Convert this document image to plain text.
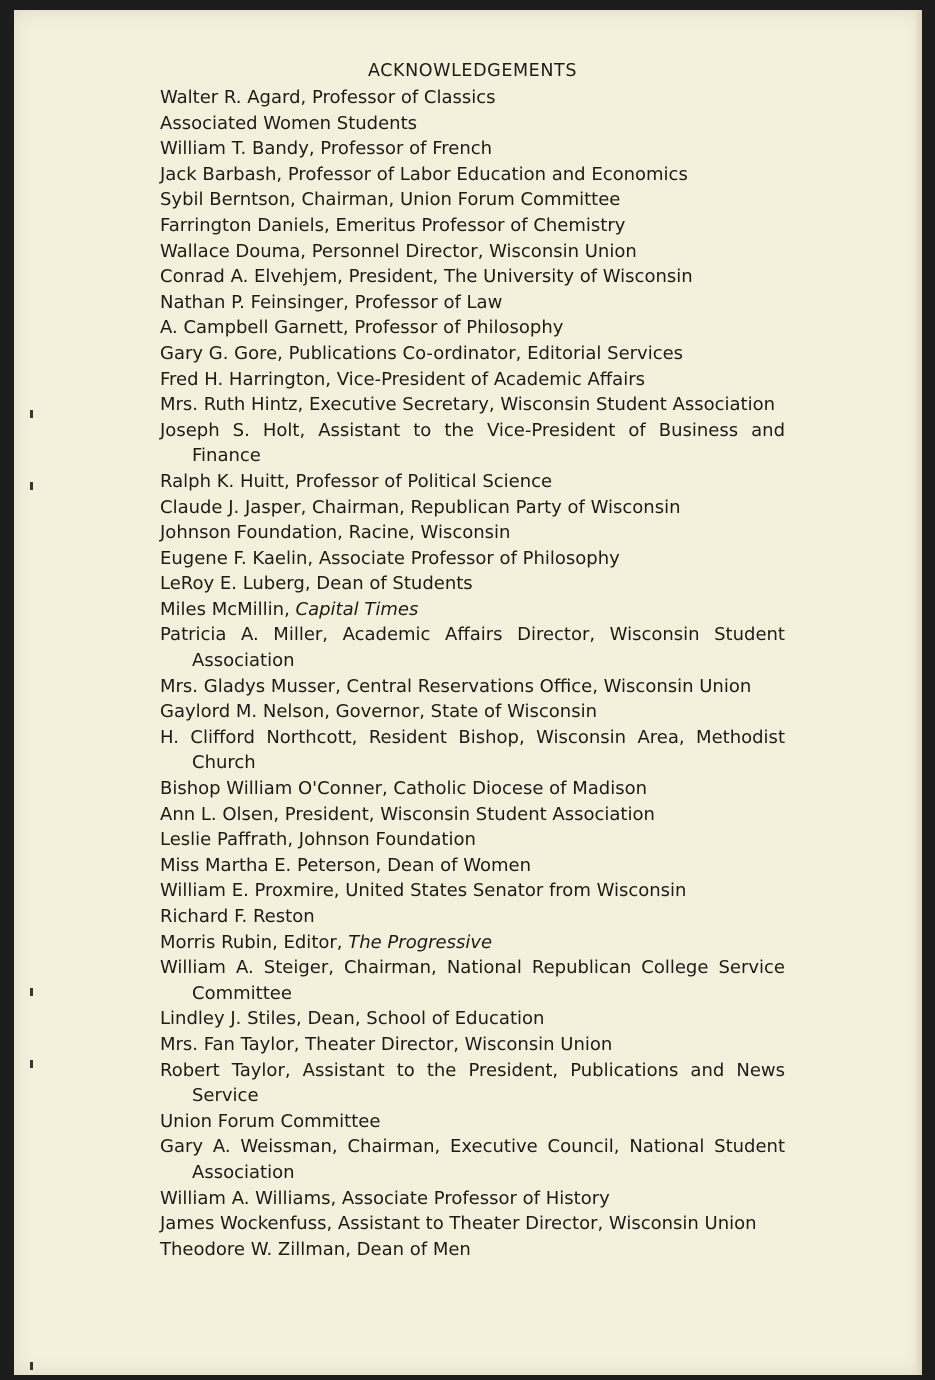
ACKNOWLEDGEMENTS

Walter R. Agard, Professor of Classics

Associated Women Students

William T. Bandy, Professor of French

Jack Barbash, Professor of Labor Education and Economics

Sybil Berntson, Chairman, Union Forum Committee

Farrington Daniels, Emeritus Professor of Chemistry

Wallace Douma, Personnel Director, Wisconsin Union

Conrad A. Elvehjem, President, The University of Wisconsin

Nathan P. Feinsinger, Professor of Law

A. Campbell Garnett, Professor of Philosophy

Gary G. Gore, Publications Co-ordinator, Editorial Services

Fred H. Harrington, Vice-President of Academic Affairs

Mrs. Ruth Hintz, Executive Secretary, Wisconsin Student Association

Joseph S. Holt, Assistant to the Vice-President of Business and Finance

Ralph K. Huitt, Professor of Political Science

Claude J. Jasper, Chairman, Republican Party of Wisconsin

Johnson Foundation, Racine, Wisconsin

Eugene F. Kaelin, Associate Professor of Philosophy

LeRoy E. Luberg, Dean of Students

Miles McMillin, Capital Times

Patricia A. Miller, Academic Affairs Director, Wisconsin Student Association

Mrs. Gladys Musser, Central Reservations Office, Wisconsin Union

Gaylord M. Nelson, Governor, State of Wisconsin

H. Clifford Northcott, Resident Bishop, Wisconsin Area, Methodist Church

Bishop William O'Conner, Catholic Diocese of Madison

Ann L. Olsen, President, Wisconsin Student Association

Leslie Paffrath, Johnson Foundation

Miss Martha E. Peterson, Dean of Women

William E. Proxmire, United States Senator from Wisconsin

Richard F. Reston

Morris Rubin, Editor, The Progressive

William A. Steiger, Chairman, National Republican College Service Committee

Lindley J. Stiles, Dean, School of Education

Mrs. Fan Taylor, Theater Director, Wisconsin Union

Robert Taylor, Assistant to the President, Publications and News Service

Union Forum Committee

Gary A. Weissman, Chairman, Executive Council, National Student Association

William A. Williams, Associate Professor of History

James Wockenfuss, Assistant to Theater Director, Wisconsin Union

Theodore W. Zillman, Dean of Men
